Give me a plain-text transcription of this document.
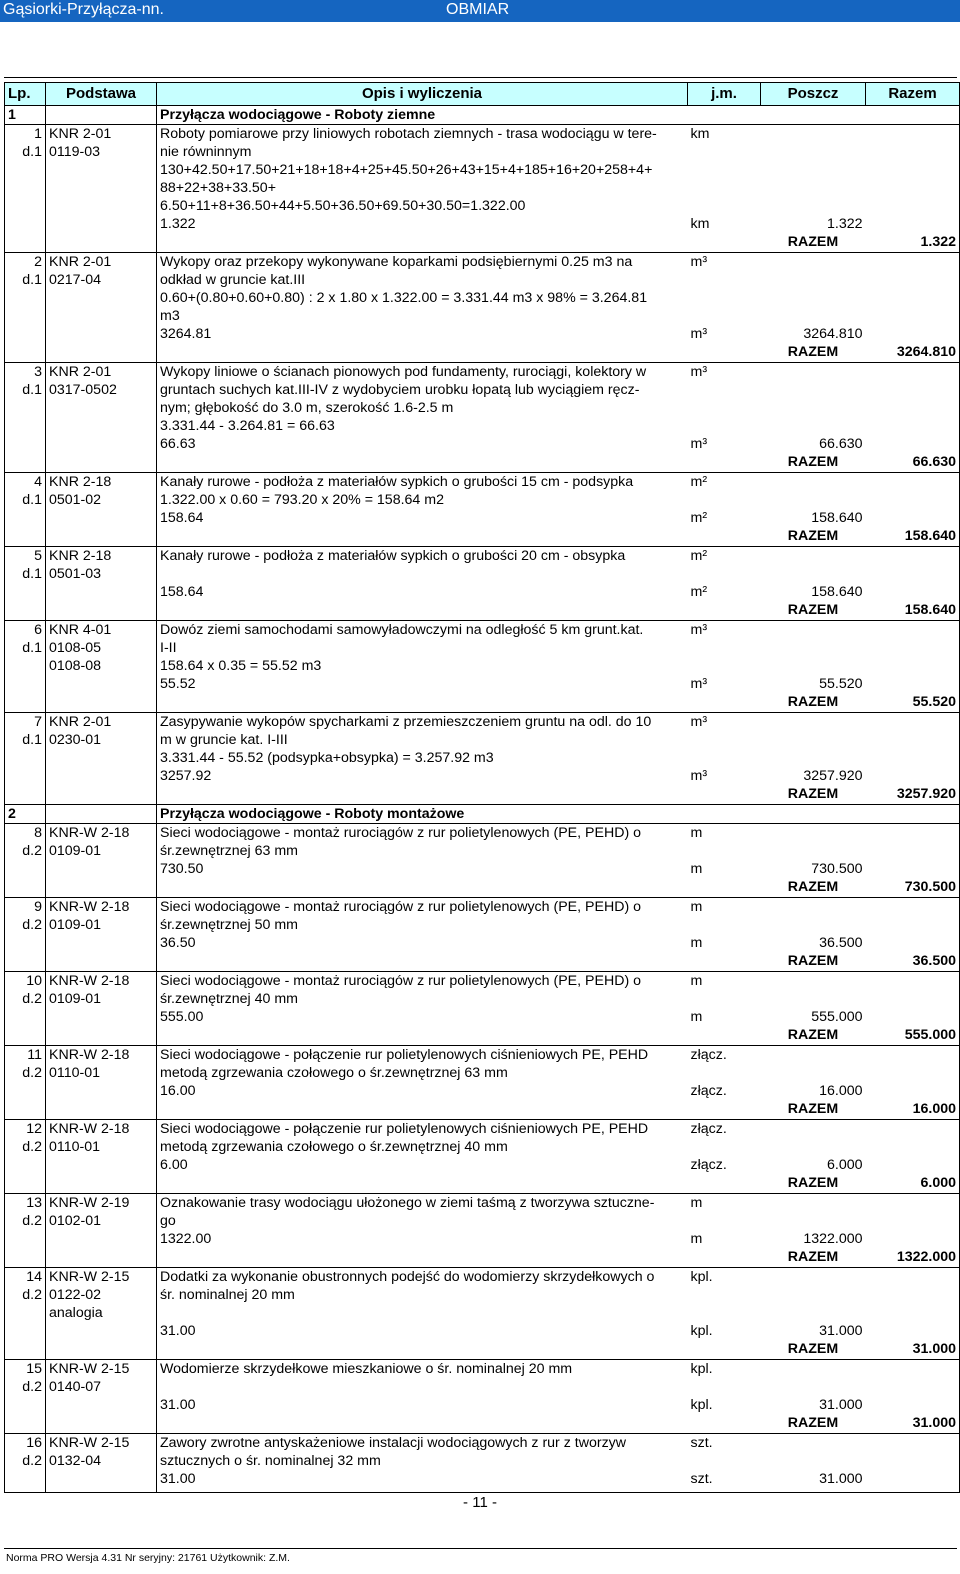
Gąsiorki-Przyłącza-nn.	OBMIAR
Lp.	Podstawa	Opis i wyliczenia	j.m.	Poszcz	Razem
1		Przyłącza wodociągowe - Roboty ziemne			
1	KNR 2-01	Roboty pomiarowe przy liniowych robotach ziemnych - trasa wodociągu w tere-	km		
d.1	0119-03	nie równinnym			
		130+42.50+17.50+21+18+18+4+25+45.50+26+43+15+4+185+16+20+258+4+			
		88+22+38+33.50+			
		6.50+11+8+36.50+44+5.50+36.50+69.50+30.50=1.322.00			
		1.322	km	1.322	
				RAZEM	1.322

2	KNR 2-01	Wykopy oraz przekopy wykonywane koparkami podsiębiernymi 0.25 m3 na	m³		
d.1	0217-04	odkład w gruncie kat.III			
		0.60+(0.80+0.60+0.80) : 2 x 1.80 x 1.322.00 = 3.331.44 m3 x 98% = 3.264.81			
		m3			
		3264.81	m³	3264.810	
				RAZEM	3264.810

3	KNR 2-01	Wykopy liniowe o ścianach pionowych pod fundamenty, rurociągi, kolektory w	m³		
d.1	0317-0502	gruntach suchych kat.III-IV z wydobyciem urobku łopatą lub wyciągiem ręcz-			
		nym; głębokość do 3.0 m, szerokość 1.6-2.5 m			
		3.331.44 - 3.264.81 = 66.63			
		66.63	m³	66.630	
				RAZEM	66.630

4	KNR 2-18	Kanały rurowe - podłoża z materiałów sypkich o grubości 15 cm - podsypka	m²		
d.1	0501-02	1.322.00 x 0.60 = 793.20 x 20% = 158.64 m2			
		158.64	m²	158.640	
				RAZEM	158.640

5	KNR 2-18	Kanały rurowe - podłoża z materiałów sypkich o grubości 20 cm - obsypka	m²		
d.1	0501-03				
		158.64	m²	158.640	
				RAZEM	158.640

6	KNR 4-01	Dowóz ziemi samochodami samowyładowczymi na odległość 5 km grunt.kat.	m³		
d.1	0108-05	I-II			
	0108-08	158.64 x 0.35 = 55.52 m3			
		55.52	m³	55.520	
				RAZEM	55.520

7	KNR 2-01	Zasypywanie wykopów spycharkami z przemieszczeniem gruntu na odl. do 10	m³		
d.1	0230-01	m w gruncie kat. I-III			
		3.331.44 - 55.52 (podsypka+obsypka) = 3.257.92 m3			
		3257.92	m³	3257.920	
				RAZEM	3257.920

2		Przyłącza wodociągowe - Roboty montażowe			
8	KNR-W 2-18	Sieci wodociągowe - montaż rurociągów z rur polietylenowych (PE, PEHD) o	m		
d.2	0109-01	śr.zewnętrznej 63 mm			
		730.50	m	730.500	
				RAZEM	730.500

9	KNR-W 2-18	Sieci wodociągowe - montaż rurociągów z rur polietylenowych (PE, PEHD) o	m		
d.2	0109-01	śr.zewnętrznej 50 mm			
		36.50	m	36.500	
				RAZEM	36.500

10	KNR-W 2-18	Sieci wodociągowe - montaż rurociągów z rur polietylenowych (PE, PEHD) o	m		
d.2	0109-01	śr.zewnętrznej 40 mm			
		555.00	m	555.000	
				RAZEM	555.000

11	KNR-W 2-18	Sieci wodociągowe - połączenie rur polietylenowych ciśnieniowych PE, PEHD	złącz.		
d.2	0110-01	metodą zgrzewania czołowego o śr.zewnętrznej 63 mm			
		16.00	złącz.	16.000	
				RAZEM	16.000

12	KNR-W 2-18	Sieci wodociągowe - połączenie rur polietylenowych ciśnieniowych PE, PEHD	złącz.		
d.2	0110-01	metodą zgrzewania czołowego o śr.zewnętrznej 40 mm			
		6.00	złącz.	6.000	
				RAZEM	6.000

13	KNR-W 2-19	Oznakowanie trasy wodociągu ułożonego w ziemi taśmą z tworzywa sztuczne-	m		
d.2	0102-01	go			
		1322.00	m	1322.000	
				RAZEM	1322.000

14	KNR-W 2-15	Dodatki za wykonanie obustronnych podejść do wodomierzy skrzydełkowych o	kpl.		
d.2	0122-02	śr. nominalnej 20 mm			
	analogia				
		31.00	kpl.	31.000	
				RAZEM	31.000

15	KNR-W 2-15	Wodomierze skrzydełkowe mieszkaniowe o śr. nominalnej 20 mm	kpl.		
d.2	0140-07				
		31.00	kpl.	31.000	
				RAZEM	31.000

16	KNR-W 2-15	Zawory zwrotne antyskażeniowe instalacji wodociągowych z rur z tworzyw	szt.		
d.2	0132-04	sztucznych o śr. nominalnej 32 mm			
		31.00	szt.	31.000	

- 11 -
Norma PRO Wersja 4.31 Nr seryjny: 21761 Użytkownik: Z.M.
